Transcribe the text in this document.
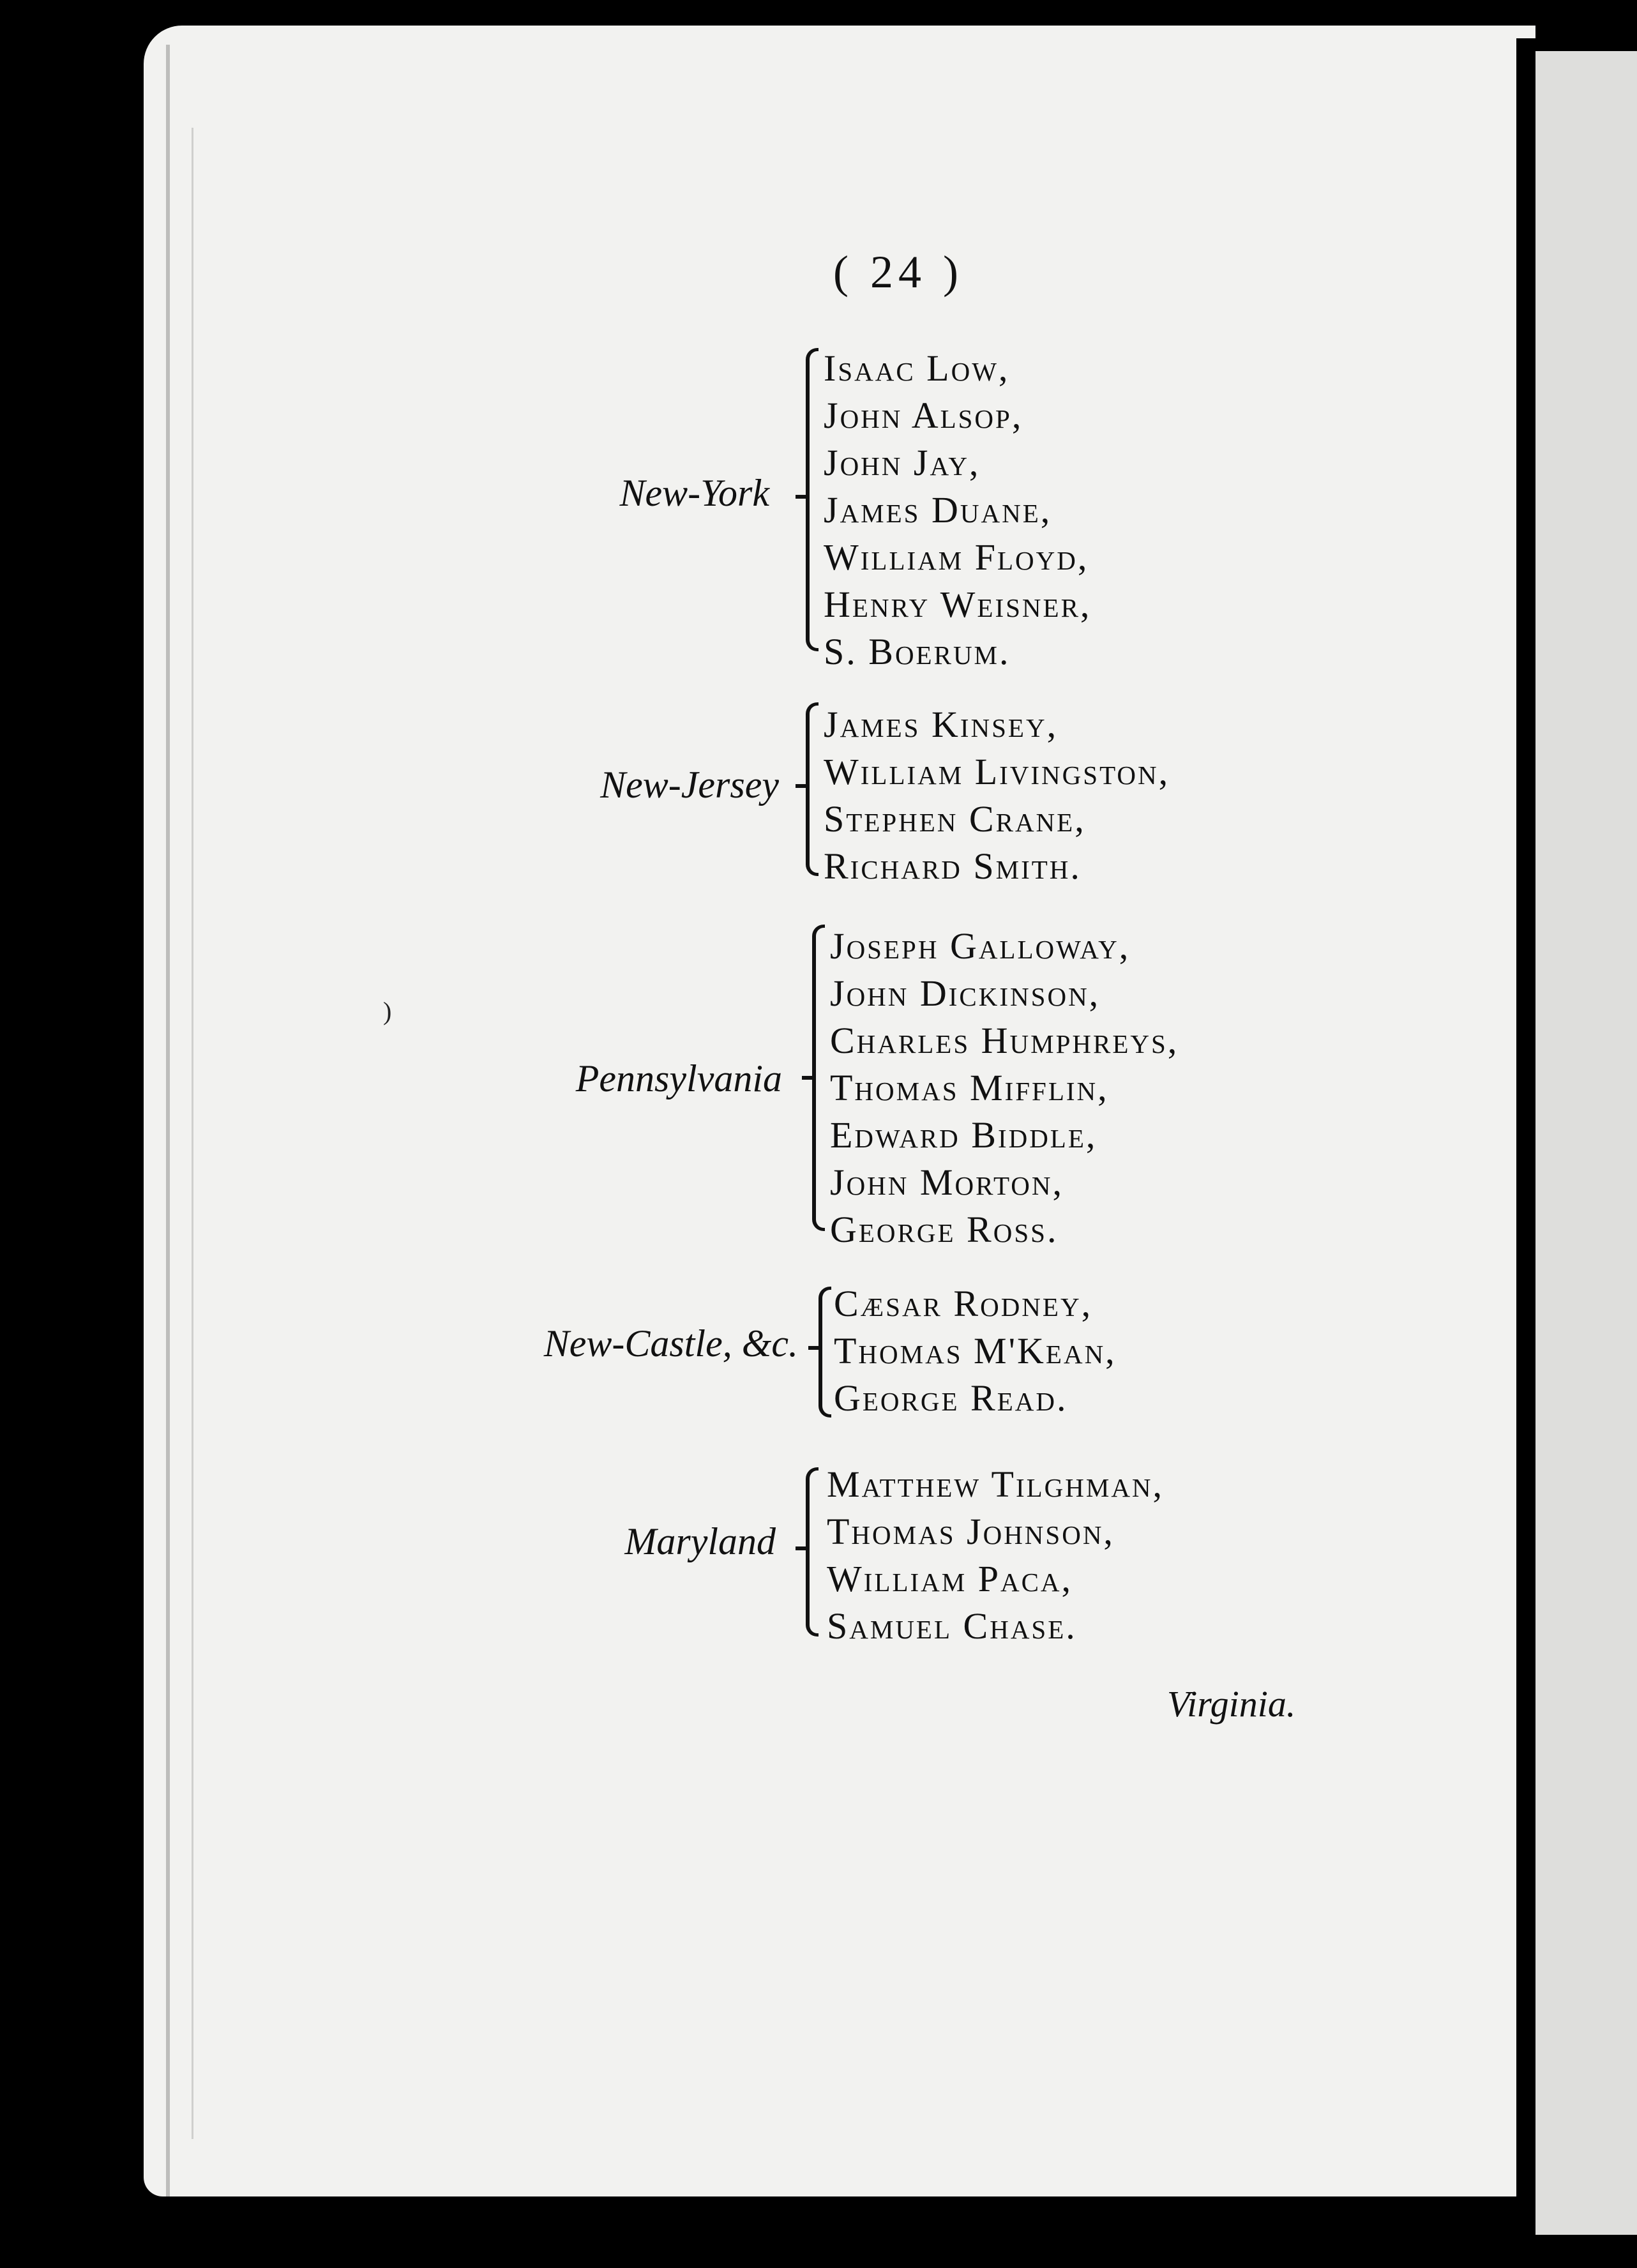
( 24 )
New-York
Isaac Low,
John Alsop,
John Jay,
James Duane,
William Floyd,
Henry Weisner,
S. Boerum.
New-Jersey
James Kinsey,
William Livingston,
Stephen Crane,
Richard Smith.
Pennsylvania
Joseph Galloway,
John Dickinson,
Charles Humphreys,
Thomas Mifflin,
Edward Biddle,
John Morton,
George Ross.
New-Castle, &c.
Cæsar Rodney,
Thomas M'Kean,
George Read.
Maryland
Matthew Tilghman,
Thomas Johnson,
William Paca,
Samuel Chase.
Virginia.
)
